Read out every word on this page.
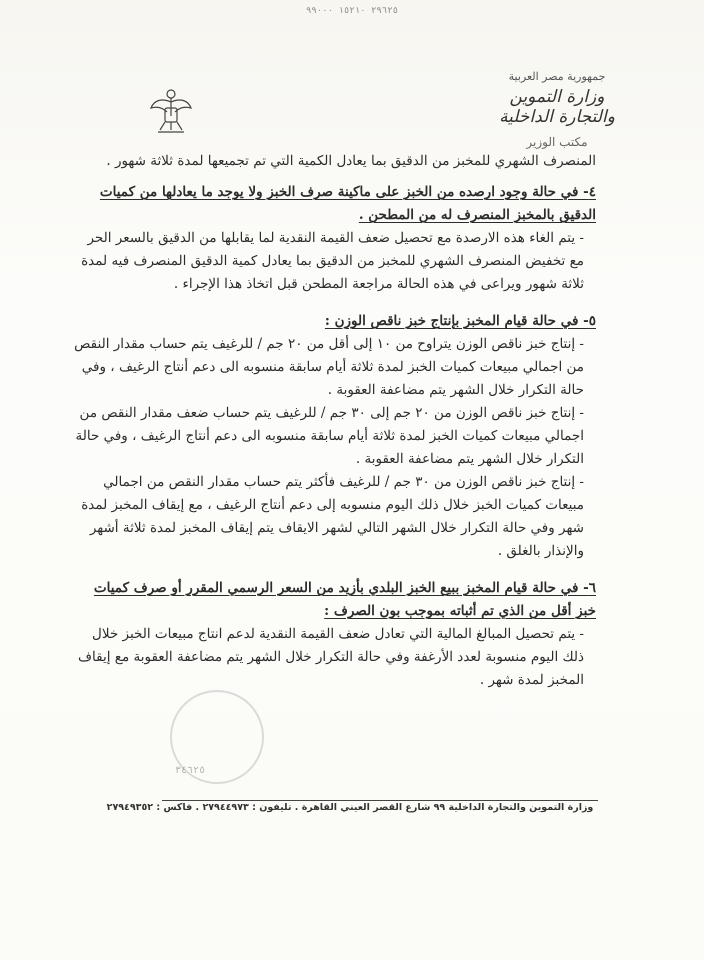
٢٩٦٢٥ ١٥٢١٠ ٩٩٠٠٠
جمهورية مصر العربية
وزارة التموين والتجارة الداخلية
مكتب الوزير

المنصرف الشهري للمخبز من الدقيق بما يعادل الكمية التي تم تجميعها لمدة ثلاثة شهور .

٤- في حالة وجود ارصده من الخبز على ماكينة صرف الخبز ولا يوجد ما يعادلها من كميات الدقيق بالمخبز المنصرف له من المطحن .

- يتم الغاء هذه الارصدة مع تحصيل ضعف القيمة النقدية لما يقابلها من الدقيق بالسعر الحر مع تخفيض المنصرف الشهري للمخبز من الدقيق بما يعادل كمية الدقيق المنصرف فيه لمدة ثلاثة شهور ويراعى في هذه الحالة مراجعة المطحن قبل اتخاذ هذا الإجراء .

٥- في حالة قيام المخبز بإنتاج خبز ناقص الوزن :

- إنتاج خبز ناقص الوزن يتراوح من ١٠ إلى أقل من ٢٠ جم / للرغيف يتم حساب مقدار النقص من اجمالي مبيعات كميات الخبز لمدة ثلاثة أيام سابقة منسوبه الى دعم أنتاج الرغيف ، وفي حالة التكرار خلال الشهر يتم مضاعفة العقوبة .

- إنتاج خبز ناقص الوزن من ٢٠ جم إلى ٣٠ جم / للرغيف يتم حساب ضعف مقدار النقص من اجمالي مبيعات كميات الخبز لمدة ثلاثة أيام سابقة منسوبه الى دعم أنتاج الرغيف ، وفي حالة التكرار خلال الشهر يتم مضاعفة العقوبة .

- إنتاج خبز ناقص الوزن من ٣٠ جم / للرغيف فأكثر يتم حساب مقدار النقص من اجمالي مبيعات كميات الخبز خلال ذلك اليوم منسوبه إلى دعم أنتاج الرغيف ، مع إيقاف المخبز لمدة شهر وفي حالة التكرار خلال الشهر التالي لشهر الايقاف يتم إيقاف المخبز لمدة ثلاثة أشهر والإنذار بالغلق .

٦- في حالة قيام المخبز ببيع الخبز البلدي بأزيد من السعر الرسمي المقرر أو صرف كميات خبز أقل من الذي تم أثباته بموجب بون الصرف :

- يتم تحصيل المبالغ المالية التي تعادل ضعف القيمة النقدية لدعم انتاج مبيعات الخبز خلال ذلك اليوم منسوبة لعدد الأرغفة وفي حالة التكرار خلال الشهر يتم مضاعفة العقوبة مع إيقاف المخبز لمدة شهر .

٣٤٦٢٥
وزارة التموين والتجارة الداخلية ٩٩ شارع القصر العيني القاهرة . تليفون : ٢٧٩٤٤٩٧٣ . فاكس : ٢٧٩٤٩٣٥٢
